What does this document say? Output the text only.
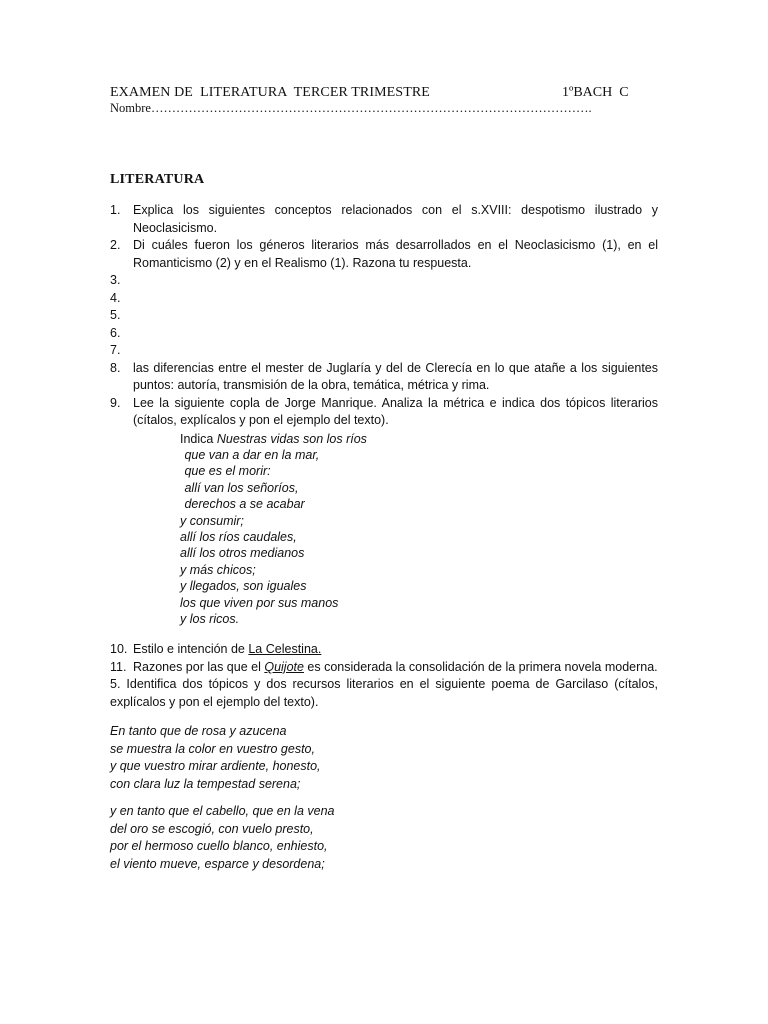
EXAMEN DE  LITERATURA  TERCER TRIMESTRE	1ºBACH  C
Nombre…………………………………………………………………………………………….
LITERATURA
1.	Explica los siguientes conceptos relacionados con el s.XVIII: despotismo ilustrado y Neoclasicismo.
2.	Di cuáles fueron los géneros literarios más desarrollados en el Neoclasicismo (1), en el Romanticismo (2) y en el Realismo (1). Razona tu respuesta.
3.
4.
5.
6.
7.
8.	las diferencias entre el mester de Juglaría y del de Clerecía en lo que atañe a los siguientes puntos: autoría, transmisión de la obra, temática, métrica y rima.
9.	Lee la siguiente copla de Jorge Manrique. Analiza la métrica e indica dos tópicos literarios (cítalos, explícalos y pon el ejemplo del texto).
Indica Nuestras vidas son los ríos
que van a dar en la mar,
que es el morir:
allí van los señoríos,
derechos a se acabar
y consumir;
allí los ríos caudales,
allí los otros medianos
y más chicos;
y llegados, son iguales
los que viven por sus manos
y los ricos.
10. Estilo e intención de La Celestina.
11. Razones por las que el Quijote es considerada la consolidación de la primera novela moderna.
5. Identifica dos tópicos y dos recursos literarios en el siguiente poema de Garcilaso (cítalos, explícalos y pon el ejemplo del texto).
En tanto que de rosa y azucena
se muestra la color en vuestro gesto,
y que vuestro mirar ardiente, honesto,
con clara luz la tempestad serena;
y en tanto que el cabello, que en la vena
del oro se escogió, con vuelo presto,
por el hermoso cuello blanco, enhiesto,
el viento mueve, esparce y desordena;
